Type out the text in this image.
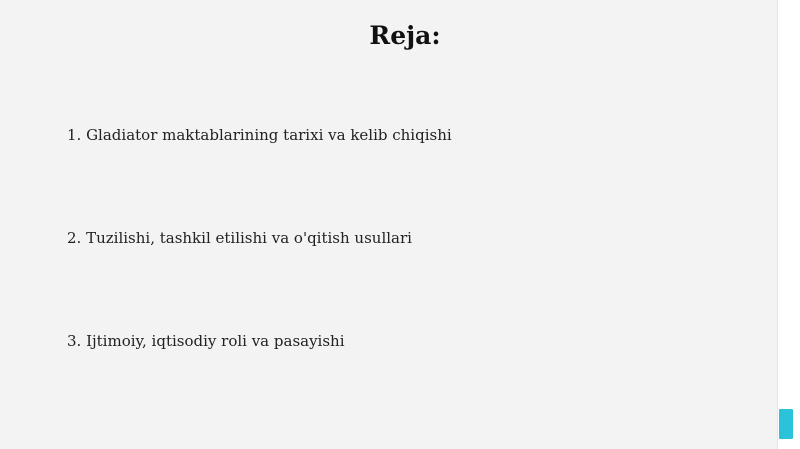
Reja:
1. Gladiator maktablarining tarixi va kelib chiqishi
2. Tuzilishi, tashkil etilishi va o'qitish usullari
3. Ijtimoiy, iqtisodiy roli va pasayishi
